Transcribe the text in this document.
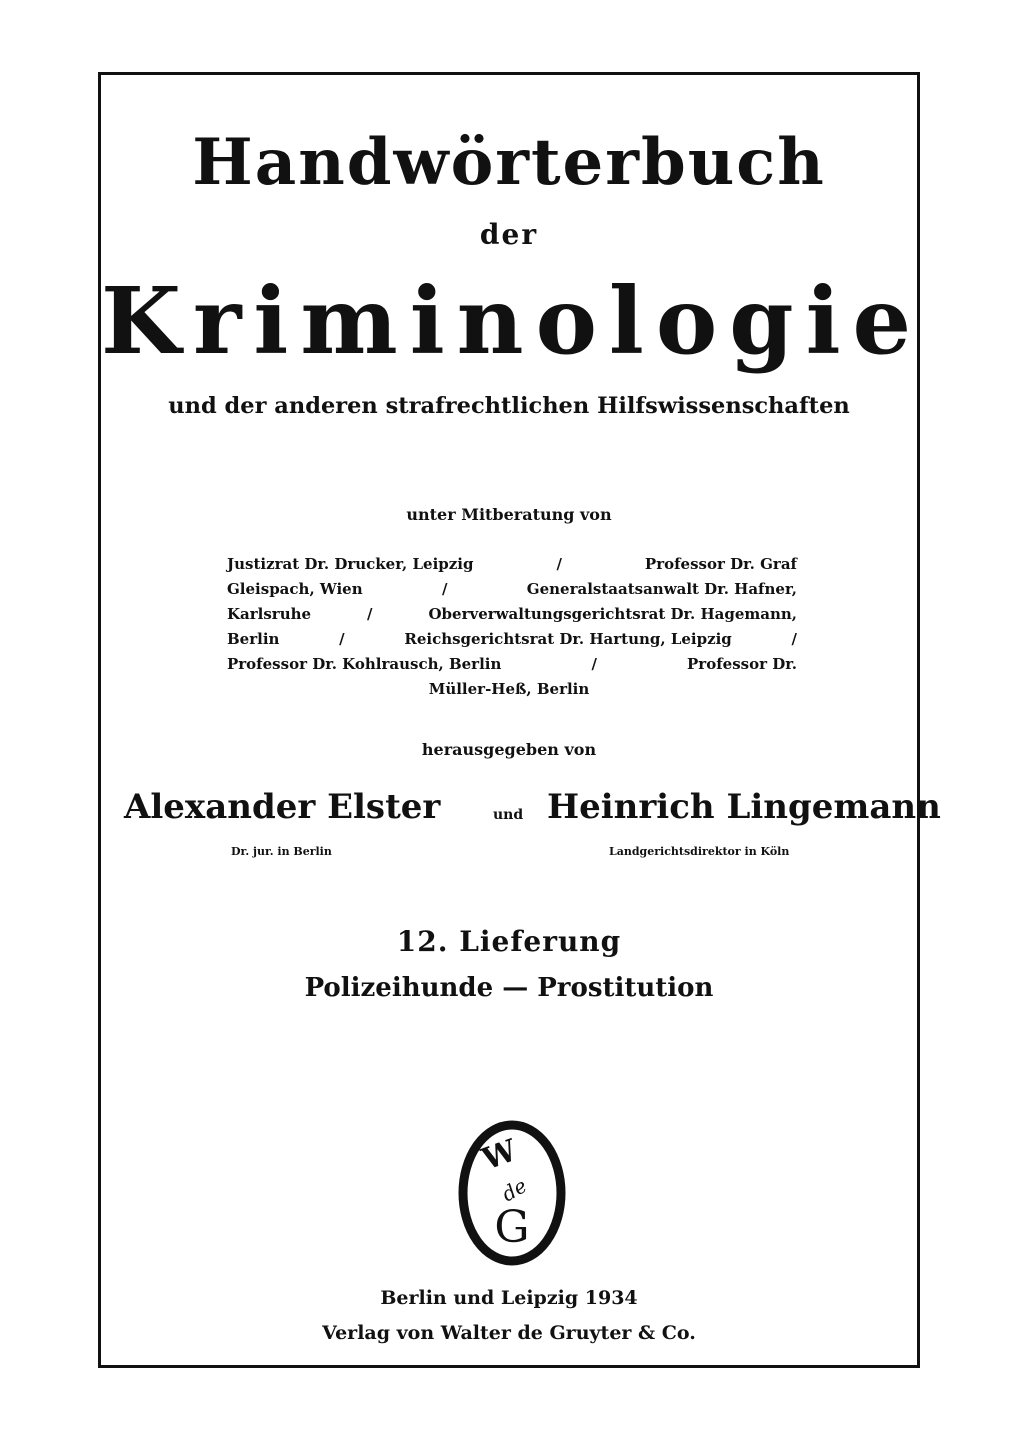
Handwörterbuch
der
Kriminologie
und der anderen strafrechtlichen Hilfswissenschaften
unter Mitberatung von
Justizrat Dr. Drucker, Leipzig	/	Professor Dr. Graf
Gleispach, Wien	/	Generalstaatsanwalt Dr. Hafner,
Karlsruhe	/	Oberverwaltungsgerichtsrat Dr. Hagemann,
Berlin	/	Reichsgerichtsrat Dr. Hartung, Leipzig	/
Professor Dr. Kohlrausch, Berlin	/	Professor Dr.
Müller-Heß, Berlin
herausgegeben von
Alexander Elster	und Heinrich Lingemann
Dr. jur. in Berlin	Landgerichtsdirektor in Köln
12. Lieferung
Polizeihunde — Prostitution
W
de
G
Berlin und Leipzig 1934
Verlag von Walter de Gruyter & Co.
